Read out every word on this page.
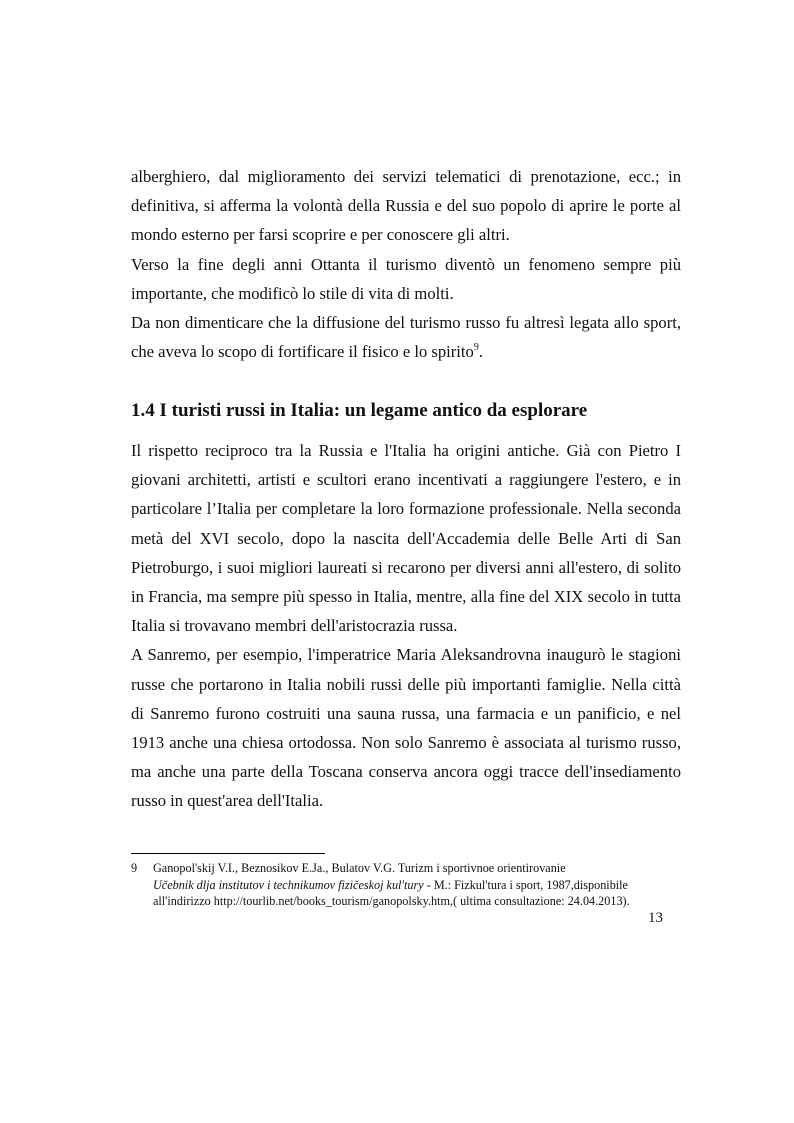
alberghiero, dal miglioramento dei servizi telematici di prenotazione, ecc.; in definitiva, si afferma la volontà della Russia e del suo popolo di aprire le porte al mondo esterno per farsi scoprire e per conoscere gli altri.

Verso la fine degli anni Ottanta il turismo diventò un fenomeno sempre più importante, che modificò lo stile di vita di molti.

Da non dimenticare che la diffusione del turismo russo fu altresì legata allo sport, che aveva lo scopo di fortificare il fisico e lo spirito$^9$.

1.4 I turisti russi in Italia: un legame antico da esplorare

Il rispetto reciproco tra la Russia e l'Italia ha origini antiche. Già con Pietro I giovani architetti, artisti e scultori erano incentivati a raggiungere l'estero, e in particolare l’Italia per completare la loro formazione professionale. Nella seconda metà del XVI secolo, dopo la nascita dell'Accademia delle Belle Arti di San Pietroburgo, i suoi migliori laureati si recarono per diversi anni all'estero, di solito in Francia, ma sempre più spesso in Italia, mentre, alla fine del XIX secolo in tutta Italia si trovavano membri dell'aristocrazia russa.

A Sanremo, per esempio, l'imperatrice Maria Aleksandrovna inaugurò le stagioni russe che portarono in Italia nobili russi delle più importanti famiglie. Nella città di Sanremo furono costruiti una sauna russa, una farmacia e un panificio, e nel 1913 anche una chiesa ortodossa. Non solo Sanremo è associata al turismo russo, ma anche una parte della Toscana conserva ancora oggi tracce dell'insediamento russo in quest'area dell'Italia.

9 Ganopol'skij V.I., Beznosikov E.Ja., Bulatov V.G. Turizm i sportivnoe orientirovanie
Učebnik dlja institutov i technikumov fizičeskoj kul'tury - M.: Fizkul'tura i sport, 1987,disponibile
all'indirizzo http://tourlib.net/books_tourism/ganopolsky.htm,( ultima consultazione: 24.04.2013).
13
